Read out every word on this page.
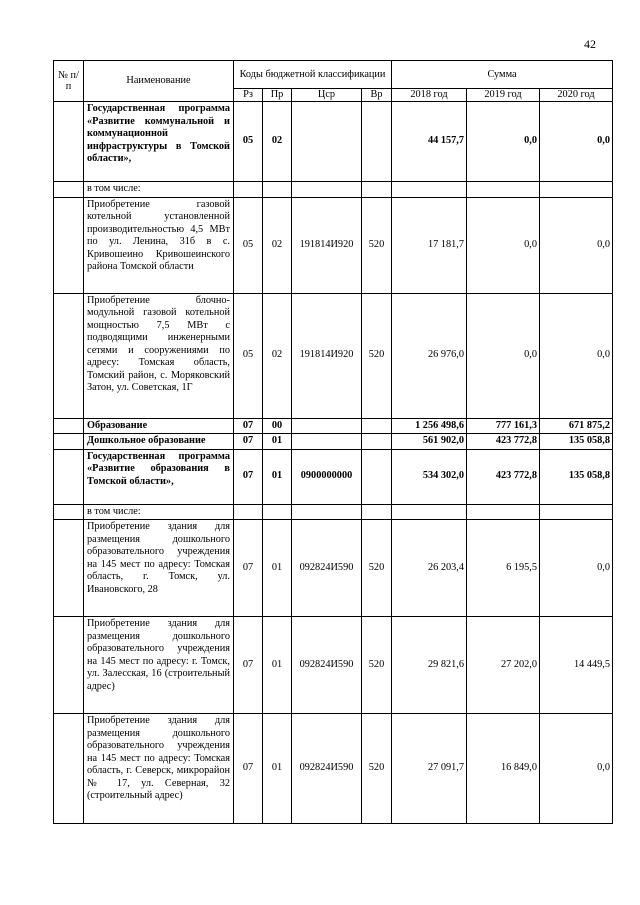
42
№ п/п	Наименование	Коды бюджетной классификации				Сумма		
		Рз	Пр	Цср	Вр	2018 год	2019 год	2020 год
	Государственная программа «Развитие коммунальной и коммунационной инфраструктуры в Томской области»,	05	02			44 157,7	0,0	0,0
	в том числе:							
	Приобретение газовой котельной установленной производительностью 4,5 МВт по ул. Ленина, 31б в с. Кривошеино Кривошеинского района Томской области	05	02	191814И920	520	17 181,7	0,0	0,0
	Приобретение блочно-модульной газовой котельной мощностью 7,5 МВт с подводящими инженерными сетями и сооружениями по адресу: Томская область, Томский район, с. Моряковский Затон, ул. Советская, 1Г	05	02	191814И920	520	26 976,0	0,0	0,0
	Образование	07	00			1 256 498,6	777 161,3	671 875,2
	Дошкольное образование	07	01			561 902,0	423 772,8	135 058,8
	Государственная программа «Развитие образования в Томской области»,	07	01	0900000000		534 302,0	423 772,8	135 058,8
	в том числе:							
	Приобретение здания для размещения дошкольного образовательного учреждения на 145 мест по адресу: Томская область, г. Томск, ул. Ивановского, 28	07	01	092824И590	520	26 203,4	6 195,5	0,0
	Приобретение здания для размещения дошкольного образовательного учреждения на 145 мест по адресу: г. Томск, ул. Залесская, 16 (строительный адрес)	07	01	092824И590	520	29 821,6	27 202,0	14 449,5
	Приобретение здания для размещения дошкольного образовательного учреждения на 145 мест по адресу: Томская область, г. Северск, микрорайон № 17, ул. Северная, 32 (строительный адрес)	07	01	092824И590	520	27 091,7	16 849,0	0,0
